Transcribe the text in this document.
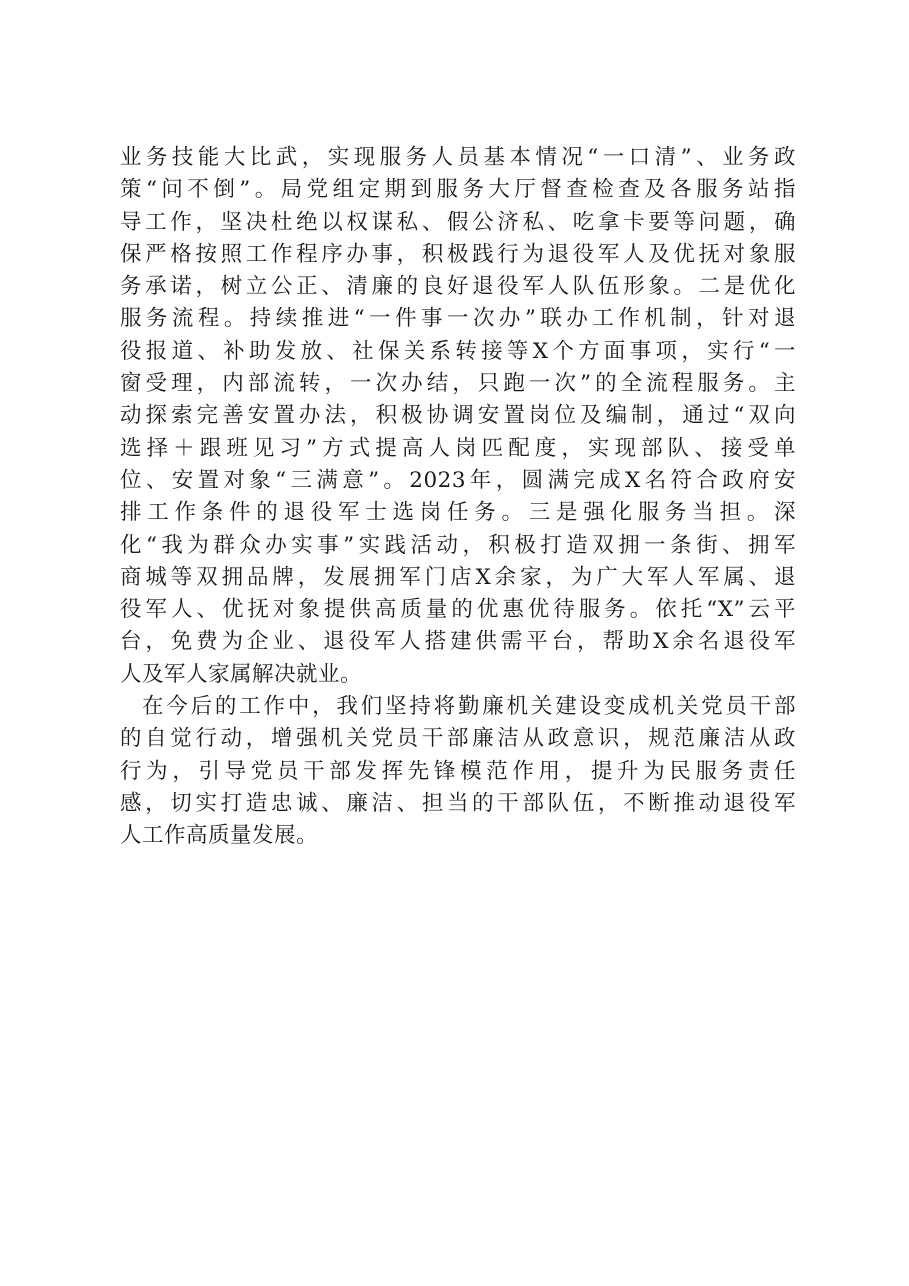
业务技能大比武，实现服务人员基本情况“一口清”、业务政
策“问不倒”。局党组定期到服务大厅督查检查及各服务站指
导工作，坚决杜绝以权谋私、假公济私、吃拿卡要等问题，确
保严格按照工作程序办事，积极践行为退役军人及优抚对象服
务承诺，树立公正、清廉的良好退役军人队伍形象。二是优化
服务流程。持续推进“一件事一次办”联办工作机制，针对退
役报道、补助发放、社保关系转接等X个方面事项，实行“一
窗受理，内部流转，一次办结，只跑一次”的全流程服务。主
动探索完善安置办法，积极协调安置岗位及编制，通过“双向
选择＋跟班见习”方式提高人岗匹配度，实现部队、接受单
位、安置对象“三满意”。2023年，圆满完成X名符合政府安
排工作条件的退役军士选岗任务。三是强化服务当担。深
化“我为群众办实事”实践活动，积极打造双拥一条街、拥军
商城等双拥品牌，发展拥军门店X余家，为广大军人军属、退
役军人、优抚对象提供高质量的优惠优待服务。依托“X”云平
台，免费为企业、退役军人搭建供需平台，帮助X余名退役军
人及军人家属解决就业。
在今后的工作中，我们坚持将勤廉机关建设变成机关党员干部
的自觉行动，增强机关党员干部廉洁从政意识，规范廉洁从政
行为，引导党员干部发挥先锋模范作用，提升为民服务责任
感，切实打造忠诚、廉洁、担当的干部队伍，不断推动退役军
人工作高质量发展。
